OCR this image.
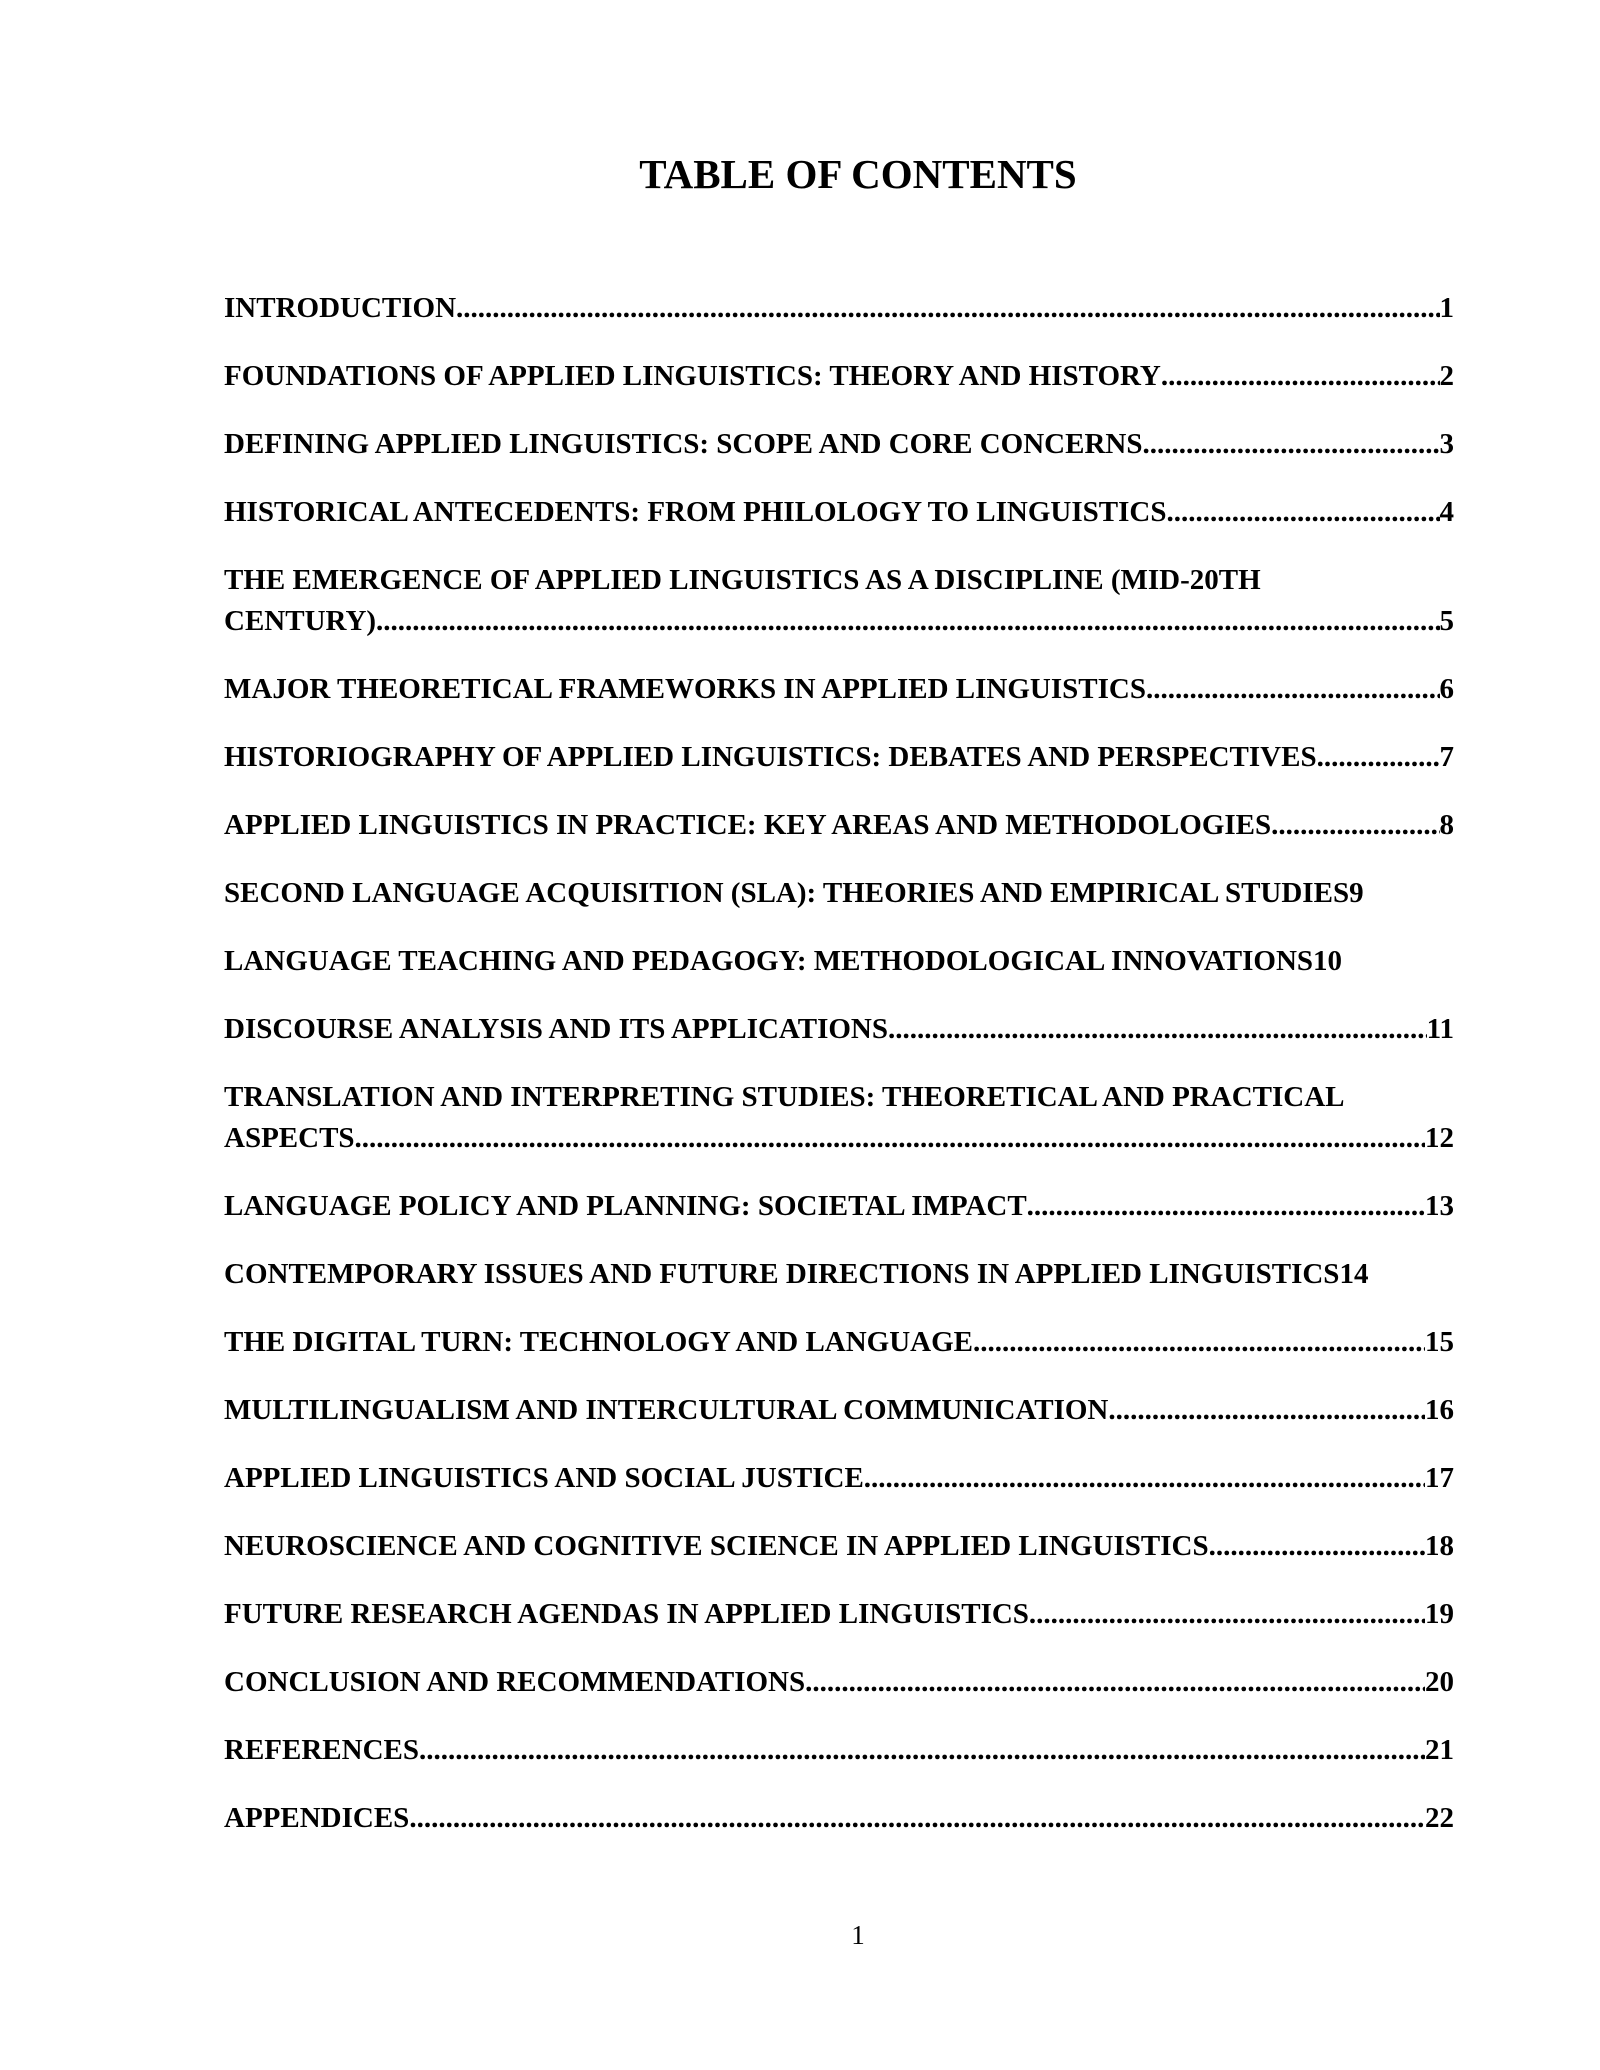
TABLE OF CONTENTS
INTRODUCTION .....	1
FOUNDATIONS OF APPLIED LINGUISTICS: THEORY AND HISTORY .....	2
DEFINING APPLIED LINGUISTICS: SCOPE AND CORE CONCERNS .....	3
HISTORICAL ANTECEDENTS: FROM PHILOLOGY TO LINGUISTICS .....	4
THE EMERGENCE OF APPLIED LINGUISTICS AS A DISCIPLINE (MID-20TH
CENTURY) .....	5
MAJOR THEORETICAL FRAMEWORKS IN APPLIED LINGUISTICS .....	6
HISTORIOGRAPHY OF APPLIED LINGUISTICS: DEBATES AND PERSPECTIVES .....	7
APPLIED LINGUISTICS IN PRACTICE: KEY AREAS AND METHODOLOGIES .....	8
SECOND LANGUAGE ACQUISITION (SLA): THEORIES AND EMPIRICAL STUDIES 9
LANGUAGE TEACHING AND PEDAGOGY: METHODOLOGICAL INNOVATIONS 10
DISCOURSE ANALYSIS AND ITS APPLICATIONS .....	11
TRANSLATION AND INTERPRETING STUDIES: THEORETICAL AND PRACTICAL
ASPECTS .....	12
LANGUAGE POLICY AND PLANNING: SOCIETAL IMPACT .....	13
CONTEMPORARY ISSUES AND FUTURE DIRECTIONS IN APPLIED LINGUISTICS 14
THE DIGITAL TURN: TECHNOLOGY AND LANGUAGE .....	15
MULTILINGUALISM AND INTERCULTURAL COMMUNICATION .....	16
APPLIED LINGUISTICS AND SOCIAL JUSTICE .....	17
NEUROSCIENCE AND COGNITIVE SCIENCE IN APPLIED LINGUISTICS .....	18
FUTURE RESEARCH AGENDAS IN APPLIED LINGUISTICS .....	19
CONCLUSION AND RECOMMENDATIONS .....	20
REFERENCES .....	21
APPENDICES .....	22
1
